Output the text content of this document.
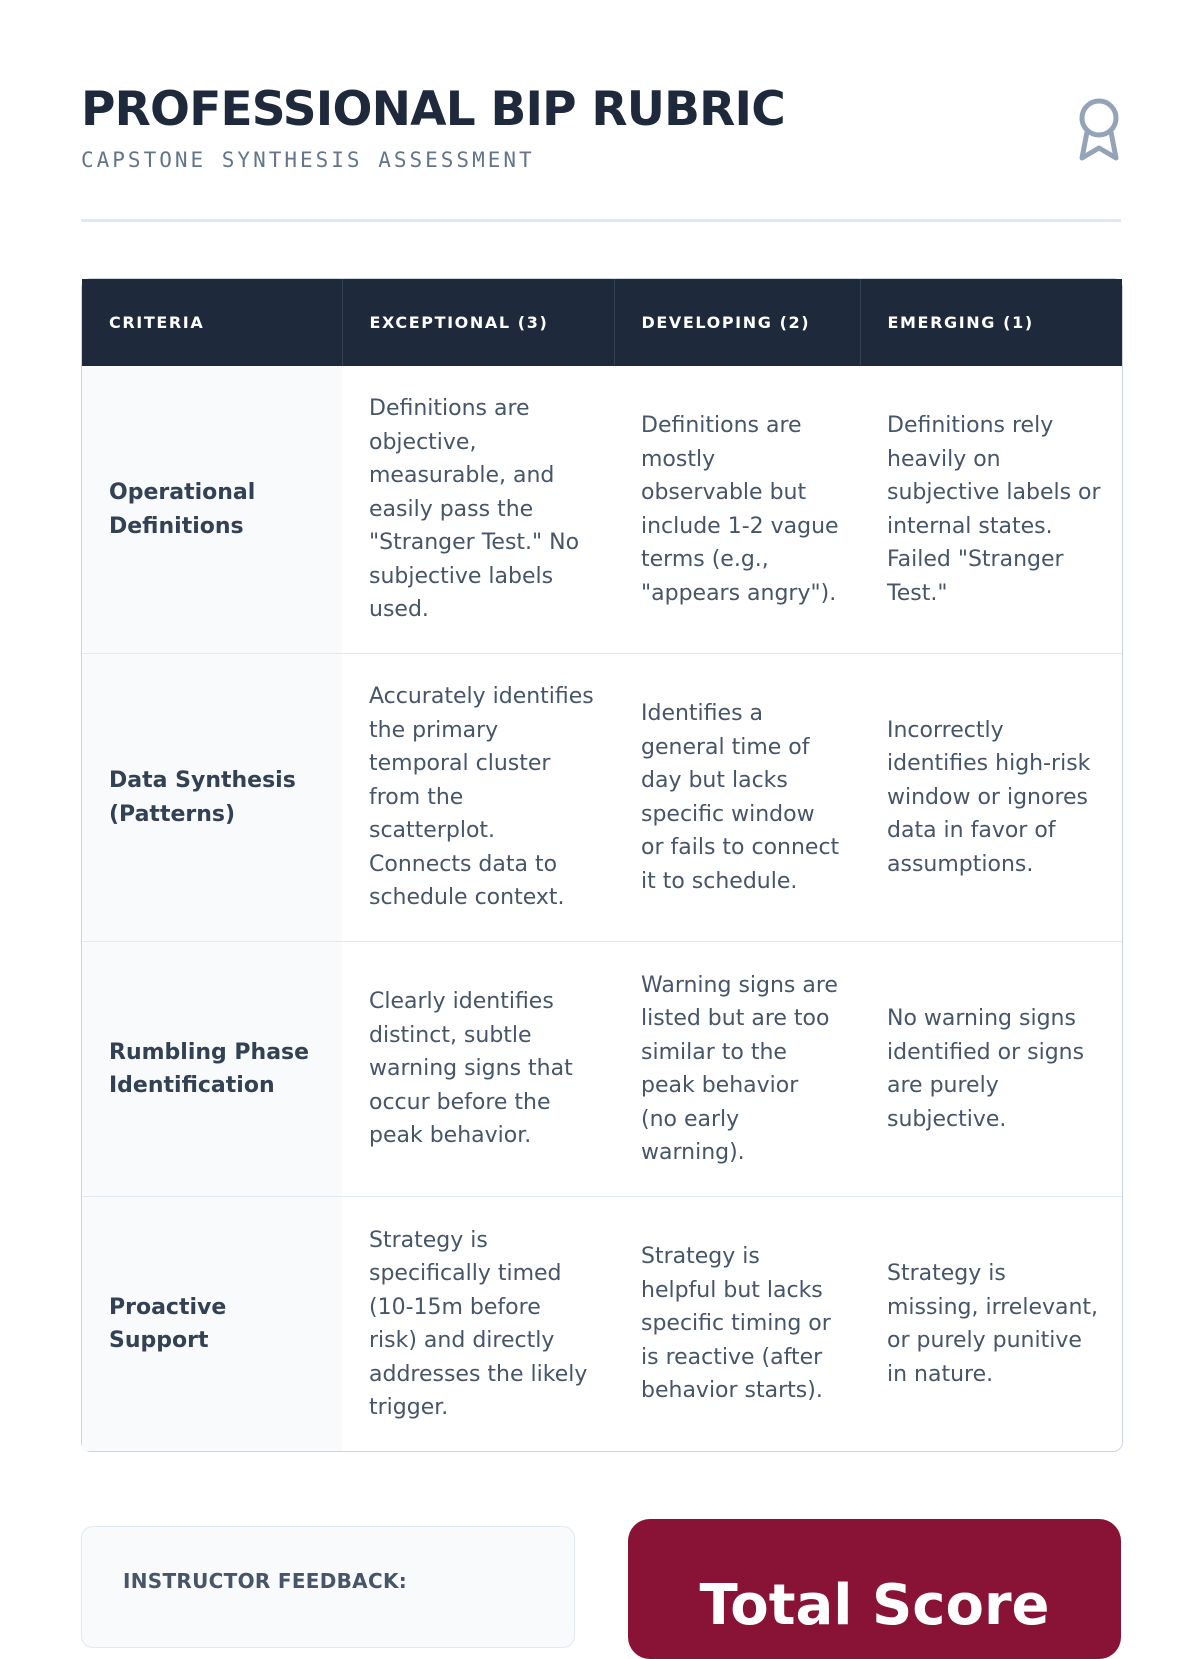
PROFESSIONAL BIP RUBRIC
CAPSTONE SYNTHESIS ASSESSMENT
CRITERIA	EXCEPTIONAL (3)	DEVELOPING (2)	EMERGING (1)
Operational Definitions	Definitions are objective, measurable, and easily pass the "Stranger Test." No subjective labels used.	Definitions are mostly observable but include 1-2 vague terms (e.g., "appears angry").	Definitions rely heavily on subjective labels or internal states. Failed "Stranger Test."
Data Synthesis (Patterns)	Accurately identifies the primary temporal cluster from the scatterplot. Connects data to schedule context.	Identifies a general time of day but lacks specific window or fails to connect it to schedule.	Incorrectly identifies high-risk window or ignores data in favor of assumptions.
Rumbling Phase Identification	Clearly identifies distinct, subtle warning signs that occur before the peak behavior.	Warning signs are listed but are too similar to the peak behavior (no early warning).	No warning signs identified or signs are purely subjective.
Proactive Support	Strategy is specifically timed (10-15m before risk) and directly addresses the likely trigger.	Strategy is helpful but lacks specific timing or is reactive (after behavior starts).	Strategy is missing, irrelevant, or purely punitive in nature.
INSTRUCTOR FEEDBACK:	Total Score
